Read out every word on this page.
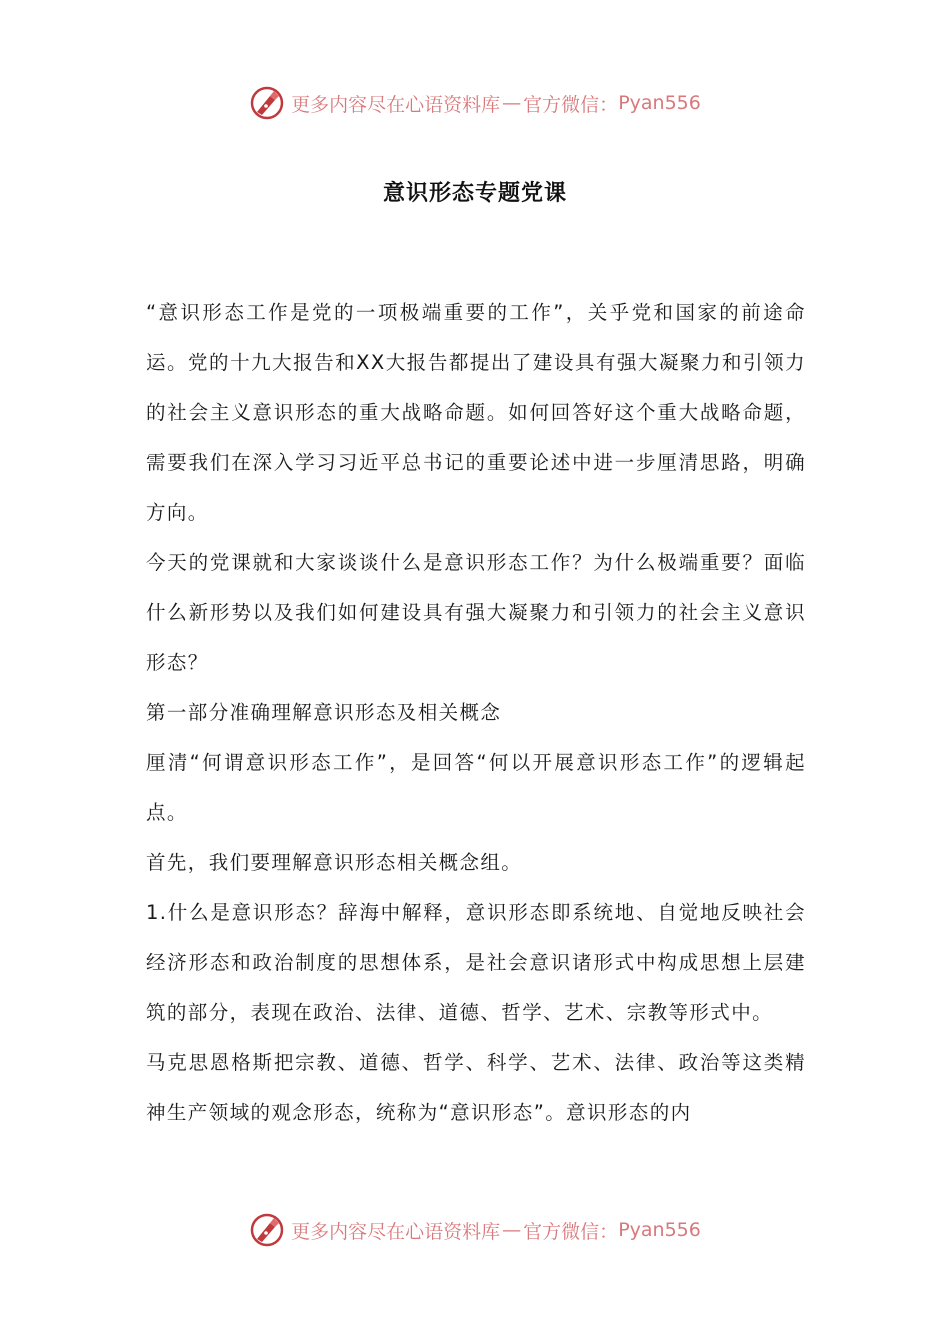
更多内容尽在心语资料库 — 官方微信： Pyan556
意识形态专题党课

“意识形态工作是党的一项极端重要的工作”，关乎党和国家的前途命运。党的十九大报告和XX大报告都提出了建设具有强大凝聚力和引领力的社会主义意识形态的重大战略命题。如何回答好这个重大战略命题，需要我们在深入学习习近平总书记的重要论述中进一步厘清思路，明确方向。

今天的党课就和大家谈谈什么是意识形态工作？为什么极端重要？面临什么新形势以及我们如何建设具有强大凝聚力和引领力的社会主义意识形态？

第一部分准确理解意识形态及相关概念

厘清“何谓意识形态工作”，是回答“何以开展意识形态工作”的逻辑起点。

首先，我们要理解意识形态相关概念组。

1.什么是意识形态？辞海中解释，意识形态即系统地、自觉地反映社会经济形态和政治制度的思想体系，是社会意识诸形式中构成思想上层建筑的部分，表现在政治、法律、道德、哲学、艺术、宗教等形式中。

马克思恩格斯把宗教、道德、哲学、科学、艺术、法律、政治等这类精神生产领域的观念形态，统称为“意识形态”。意识形态的内

更多内容尽在心语资料库 — 官方微信： Pyan556
